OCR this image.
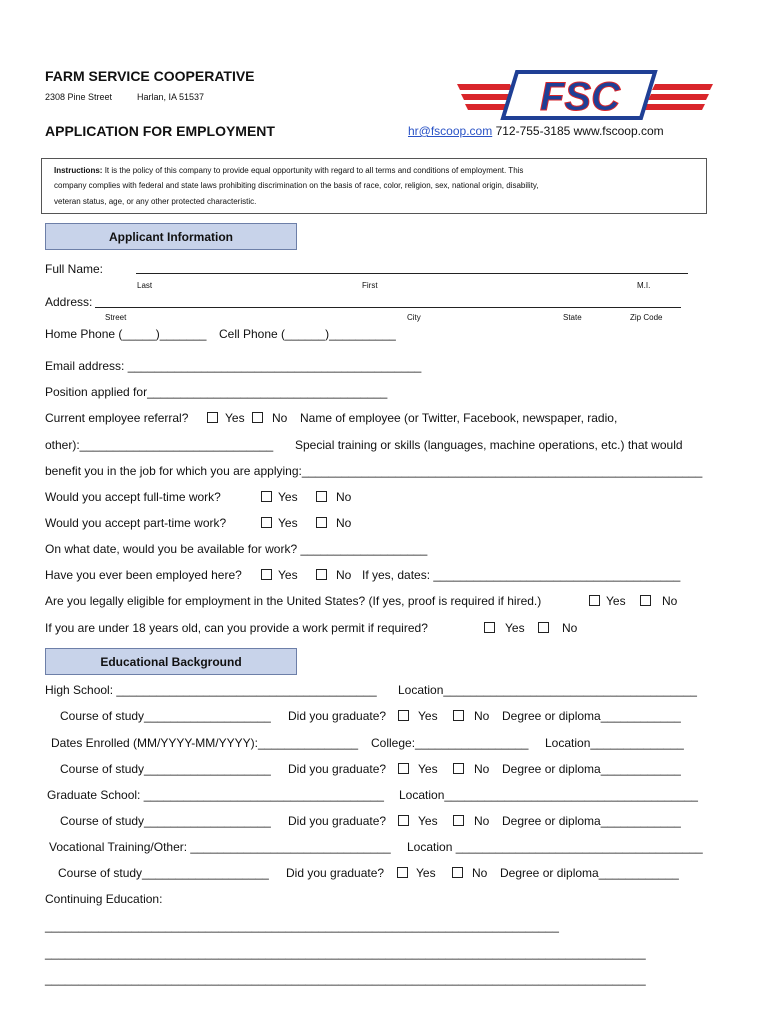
FARM SERVICE COOPERATIVE
2308 Pine Street	Harlan, IA 51537
APPLICATION FOR EMPLOYMENT
FSC
hr@fscoop.com 712-755-3185 www.fscoop.com
Instructions: It is the policy of this company to provide equal opportunity with regard to all terms and conditions of employment. This
company complies with federal and state laws prohibiting discrimination on the basis of race, color, religion, sex, national origin, disability,
veteran status, age, or any other protected characteristic.
Applicant Information
Full Name:
Last	First	M.I.
Address:
Street	City	State	Zip Code
Home Phone (_____)_______ Cell Phone (______)__________
Email address: ____________________________________________
Position applied for____________________________________
Current employee referral?	Yes No Name of employee (or Twitter, Facebook, newspaper, radio,
other):_____________________________ Special training or skills (languages, machine operations, etc.) that would
benefit you in the job for which you are applying:____________________________________________________________
Would you accept full-time work?	Yes	No
Would you accept part-time work?	Yes	No
On what date, would you be available for work? ___________________
Have you ever been employed here?	Yes	No If yes, dates: _____________________________________
Are you legally eligible for employment in the United States? (If yes, proof is required if hired.)	Yes	No
If you are under 18 years old, can you provide a work permit if required?	Yes	No
Educational Background
High School: _______________________________________ Location______________________________________
Course of study___________________ Did you graduate?	Yes	No Degree or diploma____________
Dates Enrolled (MM/YYYY-MM/YYYY):_______________ College:_________________ Location______________
Course of study___________________ Did you graduate?	Yes	No Degree or diploma____________
Graduate School: ____________________________________ Location______________________________________
Course of study___________________ Did you graduate?	Yes	No Degree or diploma____________
Vocational Training/Other: ______________________________ Location _____________________________________
Course of study___________________ Did you graduate?	Yes	No Degree or diploma____________
Continuing Education:
_____________________________________________________________________________
__________________________________________________________________________________________
__________________________________________________________________________________________
